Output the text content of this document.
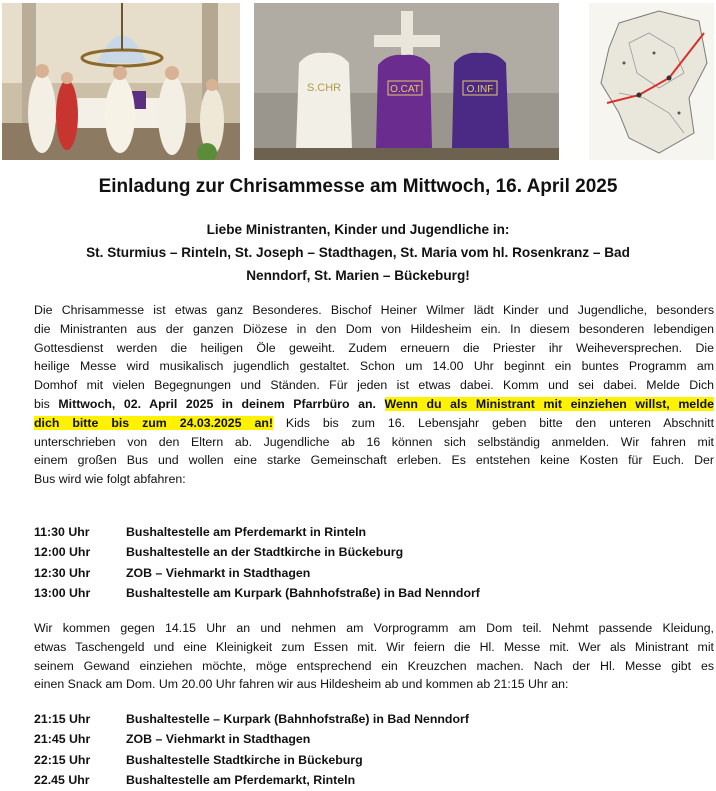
S.CHR	O.CAT	O.INF
Einladung zur Chrisammesse am Mittwoch, 16. April 2025
Liebe Ministranten, Kinder und Jugendliche in:
St. Sturmius – Rinteln, St. Joseph – Stadthagen, St. Maria vom hl. Rosenkranz – Bad
Nenndorf, St. Marien – Bückeburg!
Die Chrisammesse ist etwas ganz Besonderes. Bischof Heiner Wilmer lädt Kinder und Jugendliche, besonders
die Ministranten aus der ganzen Diözese in den Dom von Hildesheim ein. In diesem besonderen lebendigen
Gottesdienst werden die heiligen Öle geweiht. Zudem erneuern die Priester ihr Weiheversprechen. Die
heilige Messe wird musikalisch jugendlich gestaltet. Schon um 14.00 Uhr beginnt ein buntes Programm am
Domhof mit vielen Begegnungen und Ständen. Für jeden ist etwas dabei. Komm und sei dabei. Melde Dich
bis Mittwoch, 02. April 2025 in deinem Pfarrbüro an. Wenn du als Ministrant mit einziehen willst, melde
dich bitte bis zum 24.03.2025 an! Kids bis zum 16. Lebensjahr geben bitte den unteren Abschnitt
unterschrieben von den Eltern ab. Jugendliche ab 16 können sich selbständig anmelden. Wir fahren mit
einem großen Bus und wollen eine starke Gemeinschaft erleben. Es entstehen keine Kosten für Euch. Der
Bus wird wie folgt abfahren:
11:30 Uhr	Bushaltestelle am Pferdemarkt in Rinteln
12:00 Uhr	Bushaltestelle an der Stadtkirche in Bückeburg
12:30 Uhr	ZOB – Viehmarkt in Stadthagen
13:00 Uhr	Bushaltestelle am Kurpark (Bahnhofstraße) in Bad Nenndorf
Wir kommen gegen 14.15 Uhr an und nehmen am Vorprogramm am Dom teil. Nehmt passende Kleidung,
etwas Taschengeld und eine Kleinigkeit zum Essen mit. Wir feiern die Hl. Messe mit. Wer als Ministrant mit
seinem Gewand einziehen möchte, möge entsprechend ein Kreuzchen machen. Nach der Hl. Messe gibt es
einen Snack am Dom. Um 20.00 Uhr fahren wir aus Hildesheim ab und kommen ab 21:15 Uhr an:
21:15 Uhr	Bushaltestelle – Kurpark (Bahnhofstraße) in Bad Nenndorf
21:45 Uhr	ZOB – Viehmarkt in Stadthagen
22:15 Uhr	Bushaltestelle Stadtkirche in Bückeburg
22.45 Uhr	Bushaltestelle am Pferdemarkt, Rinteln
